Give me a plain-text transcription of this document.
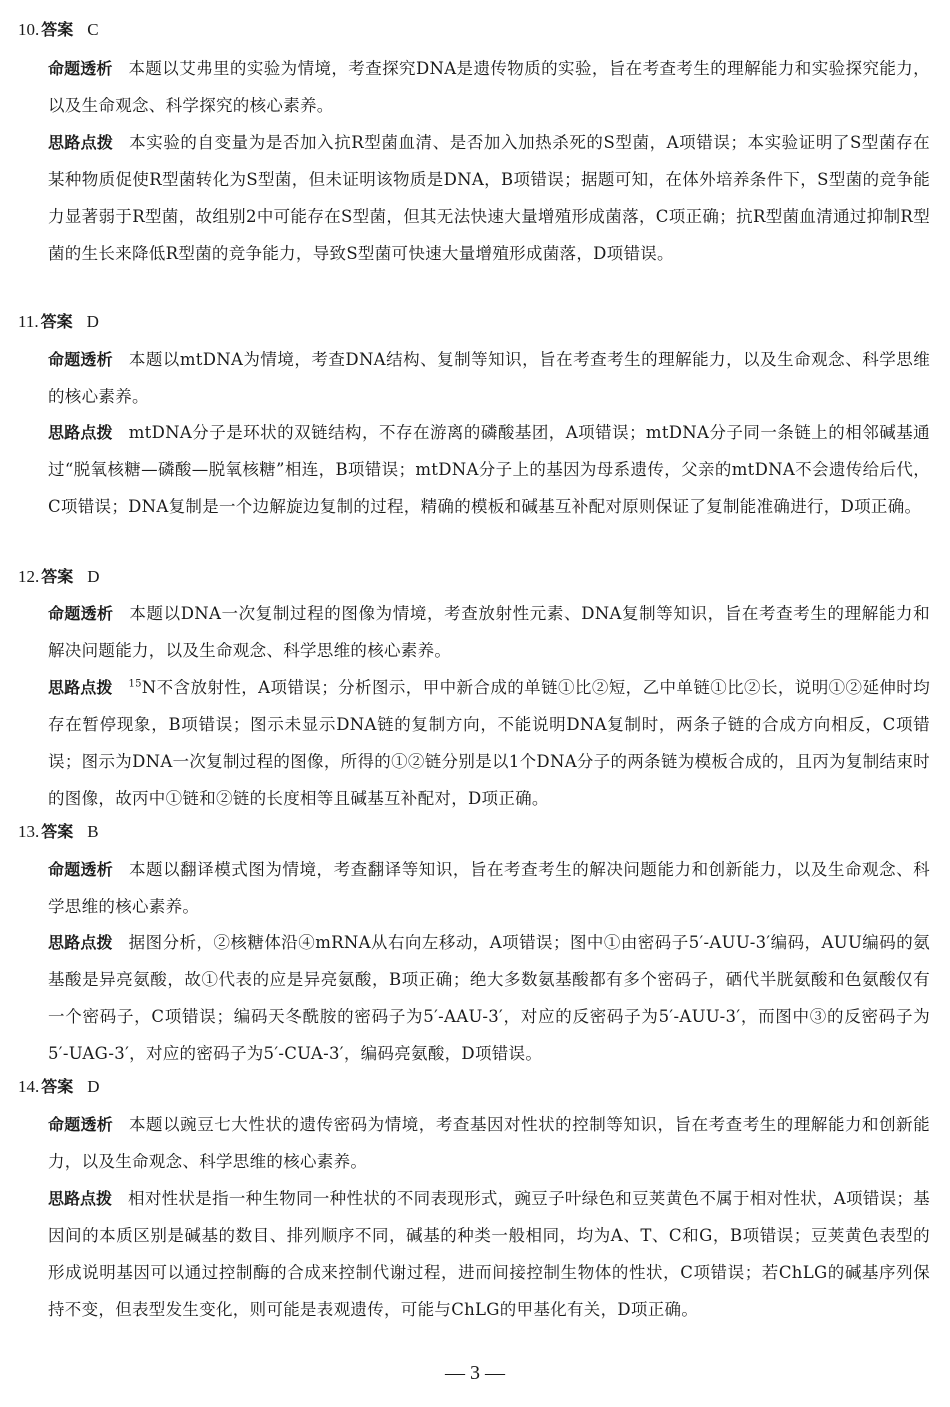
10. 答案 C
命题透析 本题以艾弗里的实验为情境，考查探究DNA是遗传物质的实验，旨在考查考生的理解能力和实验探究能力，以及生命观念、科学探究的核心素养。
思路点拨 本实验的自变量为是否加入抗R型菌血清、是否加入加热杀死的S型菌，A项错误；本实验证明了S型菌存在某种物质促使R型菌转化为S型菌，但未证明该物质是DNA，B项错误；据题可知，在体外培养条件下，S型菌的竞争能力显著弱于R型菌，故组别2中可能存在S型菌，但其无法快速大量增殖形成菌落，C项正确；抗R型菌血清通过抑制R型菌的生长来降低R型菌的竞争能力，导致S型菌可快速大量增殖形成菌落，D项错误。
11. 答案 D
命题透析 本题以mtDNA为情境，考查DNA结构、复制等知识，旨在考查考生的理解能力，以及生命观念、科学思维的核心素养。
思路点拨 mtDNA分子是环状的双链结构，不存在游离的磷酸基团，A项错误；mtDNA分子同一条链上的相邻碱基通过“脱氧核糖—磷酸—脱氧核糖”相连，B项错误；mtDNA分子上的基因为母系遗传，父亲的mtDNA不会遗传给后代，C项错误；DNA复制是一个边解旋边复制的过程，精确的模板和碱基互补配对原则保证了复制能准确进行，D项正确。
12. 答案 D
命题透析 本题以DNA一次复制过程的图像为情境，考查放射性元素、DNA复制等知识，旨在考查考生的理解能力和解决问题能力，以及生命观念、科学思维的核心素养。
思路点拨 $^{15}$N不含放射性，A项错误；分析图示，甲中新合成的单链①比②短，乙中单链①比②长，说明①②延伸时均存在暂停现象，B项错误；图示未显示DNA链的复制方向，不能说明DNA复制时，两条子链的合成方向相反，C项错误；图示为DNA一次复制过程的图像，所得的①②链分别是以1个DNA分子的两条链为模板合成的，且丙为复制结束时的图像，故丙中①链和②链的长度相等且碱基互补配对，D项正确。
13. 答案 B
命题透析 本题以翻译模式图为情境，考查翻译等知识，旨在考查考生的解决问题能力和创新能力，以及生命观念、科学思维的核心素养。
思路点拨 据图分析，②核糖体沿④mRNA从右向左移动，A项错误；图中①由密码子5′-AUU-3′编码，AUU编码的氨基酸是异亮氨酸，故①代表的应是异亮氨酸，B项正确；绝大多数氨基酸都有多个密码子，硒代半胱氨酸和色氨酸仅有一个密码子，C项错误；编码天冬酰胺的密码子为5′-AAU-3′，对应的反密码子为5′-AUU-3′，而图中③的反密码子为5′-UAG-3′，对应的密码子为5′-CUA-3′，编码亮氨酸，D项错误。
14. 答案 D
命题透析 本题以豌豆七大性状的遗传密码为情境，考查基因对性状的控制等知识，旨在考查考生的理解能力和创新能力，以及生命观念、科学思维的核心素养。
思路点拨 相对性状是指一种生物同一种性状的不同表现形式，豌豆子叶绿色和豆荚黄色不属于相对性状，A项错误；基因间的本质区别是碱基的数目、排列顺序不同，碱基的种类一般相同，均为A、T、C和G，B项错误；豆荚黄色表型的形成说明基因可以通过控制酶的合成来控制代谢过程，进而间接控制生物体的性状，C项错误；若ChLG的碱基序列保持不变，但表型发生变化，则可能是表观遗传，可能与ChLG的甲基化有关，D项正确。
— 3 —
